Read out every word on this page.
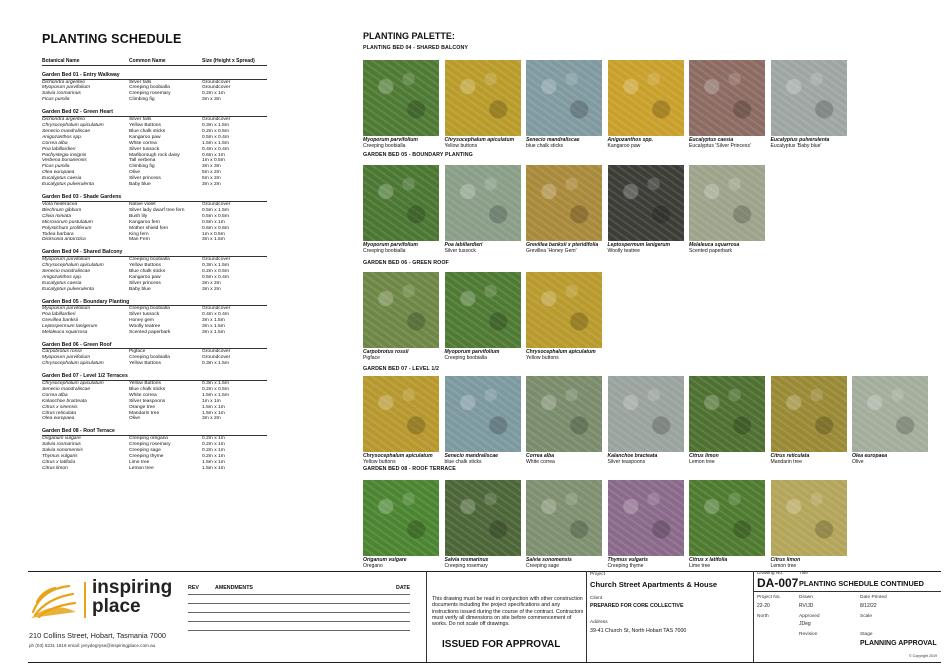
PLANTING SCHEDULE
Botanical Name	Common Name	Size (Height x Spread)
Garden Bed 01 - Entry Walkway
Dichondra argenteo	Silver falls	Groundcover
Myoporum parvifolium	Creeping boobialla	Groundcover
Salvia rosmarinus	Creeping rosemary	0.2m x 1m
Ficus pumila	Climbing fig	3m x 3m
Garden Bed 02 - Green Heart
Dichondra argenteo	Silver falls	Groundcover
Chrysocephalum apiculatum	Yellow Buttons	0.3m x 1.5m
Senecio mandraliscae	Blue chalk sticks	0.2m x 0.5m
Anigozanthos spp.	Kangaroo paw	0.5m x 0.4m
Correa alba	White correa	1.5m x 1.5m
Poa labillardieri	Silver tussock	0.4m x 0.4m
Pachystegia insignis	Marlborough rock daisy	0.6m x 1m
Verbena bonariensis	Tall verbena	1m x 0.5m
Ficus pumila	Climbing fig	3m x 3m
Olea europaea	Olive	5m x 2m
Eucalyptus caesia	Silver princess	5m x 2m
Eucalyptus pulverulenta	Baby blue	3m x 2m
Garden Bed 03 - Shade Gardens
Viola hederacea	Native violet	Groundcover
Blechnum gibbum	Silver lady dwarf tree fern	0.5m x 1.5m
Clivia miniata	Bush lily	0.5m x 0.5m
Microsorum pustulatum	Kangaroo fern	0.5m x 1m
Polystichum proliferum	Mother shield fern	0.6m x 0.6m
Todea barbara	King fern	1m x 0.5m
Dicksonia antarctica	Man Fern	3m x 1.5m
Garden Bed 04 - Shared Balcony
Myoporum parvifolium	Creeping boobialla	Groundcover
Chrysocephalum apiculatum	Yellow Buttons	0.3m x 1.5m
Senecio mandraliscae	Blue chalk sticks	0.2m x 0.5m
Anigozanthos spp.	Kangaroo paw	0.5m x 0.4m
Eucalyptus caesia	Silver princess	3m x 2m
Eucalyptus pulverulenta	Baby blue	3m x 2m
Garden Bed 05 - Boundary Planting
Myoporum parvifolium	Creeping boobialla	Groundcover
Poa labillardieri	Silver tussock	0.4m x 0.4m
Grevillea banksii	Honey gem	3m x 1.5m
Leptospermum lanigerum	Woolly teatree	3m x 1.5m
Melaleuca squarrosa	Scented paperbark	3m x 1.5m
Garden Bed 06 - Green Roof
Carpobrotus rossii	Pigface	Groundcover
Myoporum parvifolium	Creeping boobialla	Groundcover
Chrysocephalum apiculatum	Yellow Buttons	0.3m x 1.5m
Garden Bed 07 - Level 1/2 Terraces
Chrysocephalum apiculatum	Yellow Buttons	0.3m x 1.5m
Senecio mandraliscae	Blue chalk sticks	0.2m x 0.5m
Correa alba	White correa	1.5m x 1.5m
Kalanchoe bracteata	Silver teaspoons	1m x 1m
Citrus x sinensis	Orange tree	1.5m x 1m
Citrus reticulata	Mandarin tree	1.5m x 1m
Olea europaea	Olive	3m x 2m
Garden Bed 08 - Roof Terrace
Origanum vulgare	Creeping oregano	0.2m x 1m
Salvia rosmarinus	Creeping rosemary	0.2m x 1m
Salvia sonomensis	Creeping sage	0.2m x 1m
Thymus vulgaris	Creeping thyme	0.2m x 1m
Citrus x latifolia	Lime tree	1.5m x 1m
Citrus limon	Lemon tree	1.5m x 1m
PLANTING PALETTE:
PLANTING BED 04 - SHARED BALCONY
Myoporum parvifolium
Creeping boobialla
Chrysocephalum apiculatum
Yellow buttons
Senecio mandraliscae
blue chalk sticks
Anigozanthos spp.
Kangaroo paw
Eucalyptus caesia
Eucalyptus 'Silver Princess'
Eucalyptus pulverulenta
Eucalyptus 'Baby blue'
GARDEN BED 05 - BOUNDARY PLANTING
Myoporum parvifolium
Creeping boobialla
Poa labillardieri
Silver tussock
Grevillea banksii x pteridifolia
Grevillea 'Honey Gem'
Leptospermum lanigerum
Woolly teatree
Melaleuca squarrosa
Scented paperbark
GARDEN BED 06 - GREEN ROOF
Carpobrotus rossii
Pigface
Myoporum parvifolium
Creeping boobialla
Chrysocephalum apiculatum
Yellow buttons
GARDEN BED 07 - LEVEL 1/2
Chrysocephalum apiculatum
Yellow buttons
Senecio mandraliscae
blue chalk sticks
Correa alba
White correa
Kalanchoe bracteata
Silver teaspoons
Citrus limon
Lemon tree
Citrus reticulata
Mandarin tree
Olea europaea
Olive
GARDEN BED 08 - ROOF TERRACE
Origanum vulgare
Oregano
Salvia rosmarinus
Creeping rosemary
Salvia sonomensis
Creeping sage
Thymus vulgaris
Creeping thyme
Citrus x latifolia
Lime tree
Citrus limon
Lemon tree
inspiring
place
210 Collins Street, Hobart, Tasmania 7000
ph (03) 6231 1818 email: jenydegryse@inspiringplace.com.au
REV	AMENDMENTS	DATE
This drawing must be read in conjunction with other construction documents including the project specifications and any instructions issued during the course of the contract. Contractors must verify all dimensions on site before commencement of works. Do not scale off drawings.
ISSUED FOR APPROVAL
Project
Church Street Apartments & House
Client
PREPARED FOR CORE COLLECTIVE
Address
39-41 Church St, North Hobart TAS 7000
Drawing No.	Title
DA-007 PLANTING SCHEDULE CONTINUED
Project No.
22-20
Drawn
RV/JD
Date Printed
8/12/22
North	Approved
JDeg
Scale
Revision	Stage
PLANNING APPROVAL
© Copyright 2019
